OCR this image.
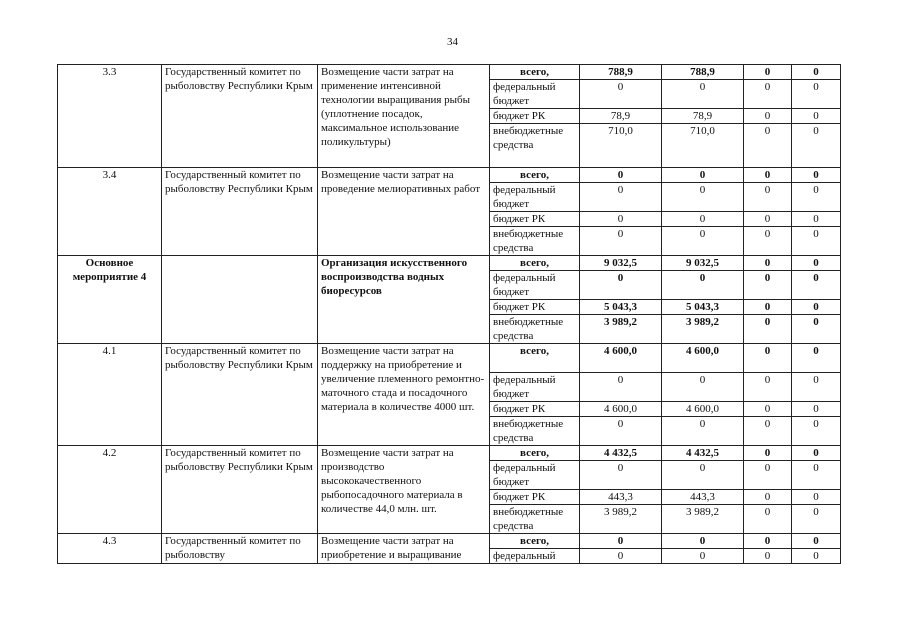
34
3.3	Государственный комитет по рыболовству Республики Крым	Возмещение части затрат на применение интенсивной технологии выращивания рыбы (уплотнение посадок, максимальное использование поликультуры)	всего,	788,9	788,9	0	0
			федеральный бюджет	0	0	0	0
			бюджет РК	78,9	78,9	0	0
			внебюджетные средства	710,0	710,0	0	0
3.4	Государственный комитет по рыболовству Республики Крым	Возмещение части затрат на проведение мелиоративных работ	всего,	0	0	0	0
			федеральный бюджет	0	0	0	0
			бюджет РК	0	0	0	0
			внебюджетные средства	0	0	0	0
Основное мероприятие 4		Организация искусственного воспроизводства водных биоресурсов	всего,	9 032,5	9 032,5	0	0
			федеральный бюджет	0	0	0	0
			бюджет РК	5 043,3	5 043,3	0	0
			внебюджетные средства	3 989,2	3 989,2	0	0
4.1	Государственный комитет по рыболовству Республики Крым	Возмещение части затрат на поддержку на приобретение и увеличение племенного ремонтно-маточного стада и посадочного материала в количестве 4000 шт.	всего,	4 600,0	4 600,0	0	0
			федеральный бюджет	0	0	0	0
			бюджет РК	4 600,0	4 600,0	0	0
			внебюджетные средства	0	0	0	0
4.2	Государственный комитет по рыболовству Республики Крым	Возмещение части затрат на производство высококачественного рыбопосадочного материала в количестве 44,0 млн. шт.	всего,	4 432,5	4 432,5	0	0
			федеральный бюджет	0	0	0	0
			бюджет РК	443,3	443,3	0	0
			внебюджетные средства	3 989,2	3 989,2	0	0
4.3	Государственный комитет по рыболовству	Возмещение части затрат на приобретение и выращивание	всего,	0	0	0	0
			федеральный	0	0	0	0
